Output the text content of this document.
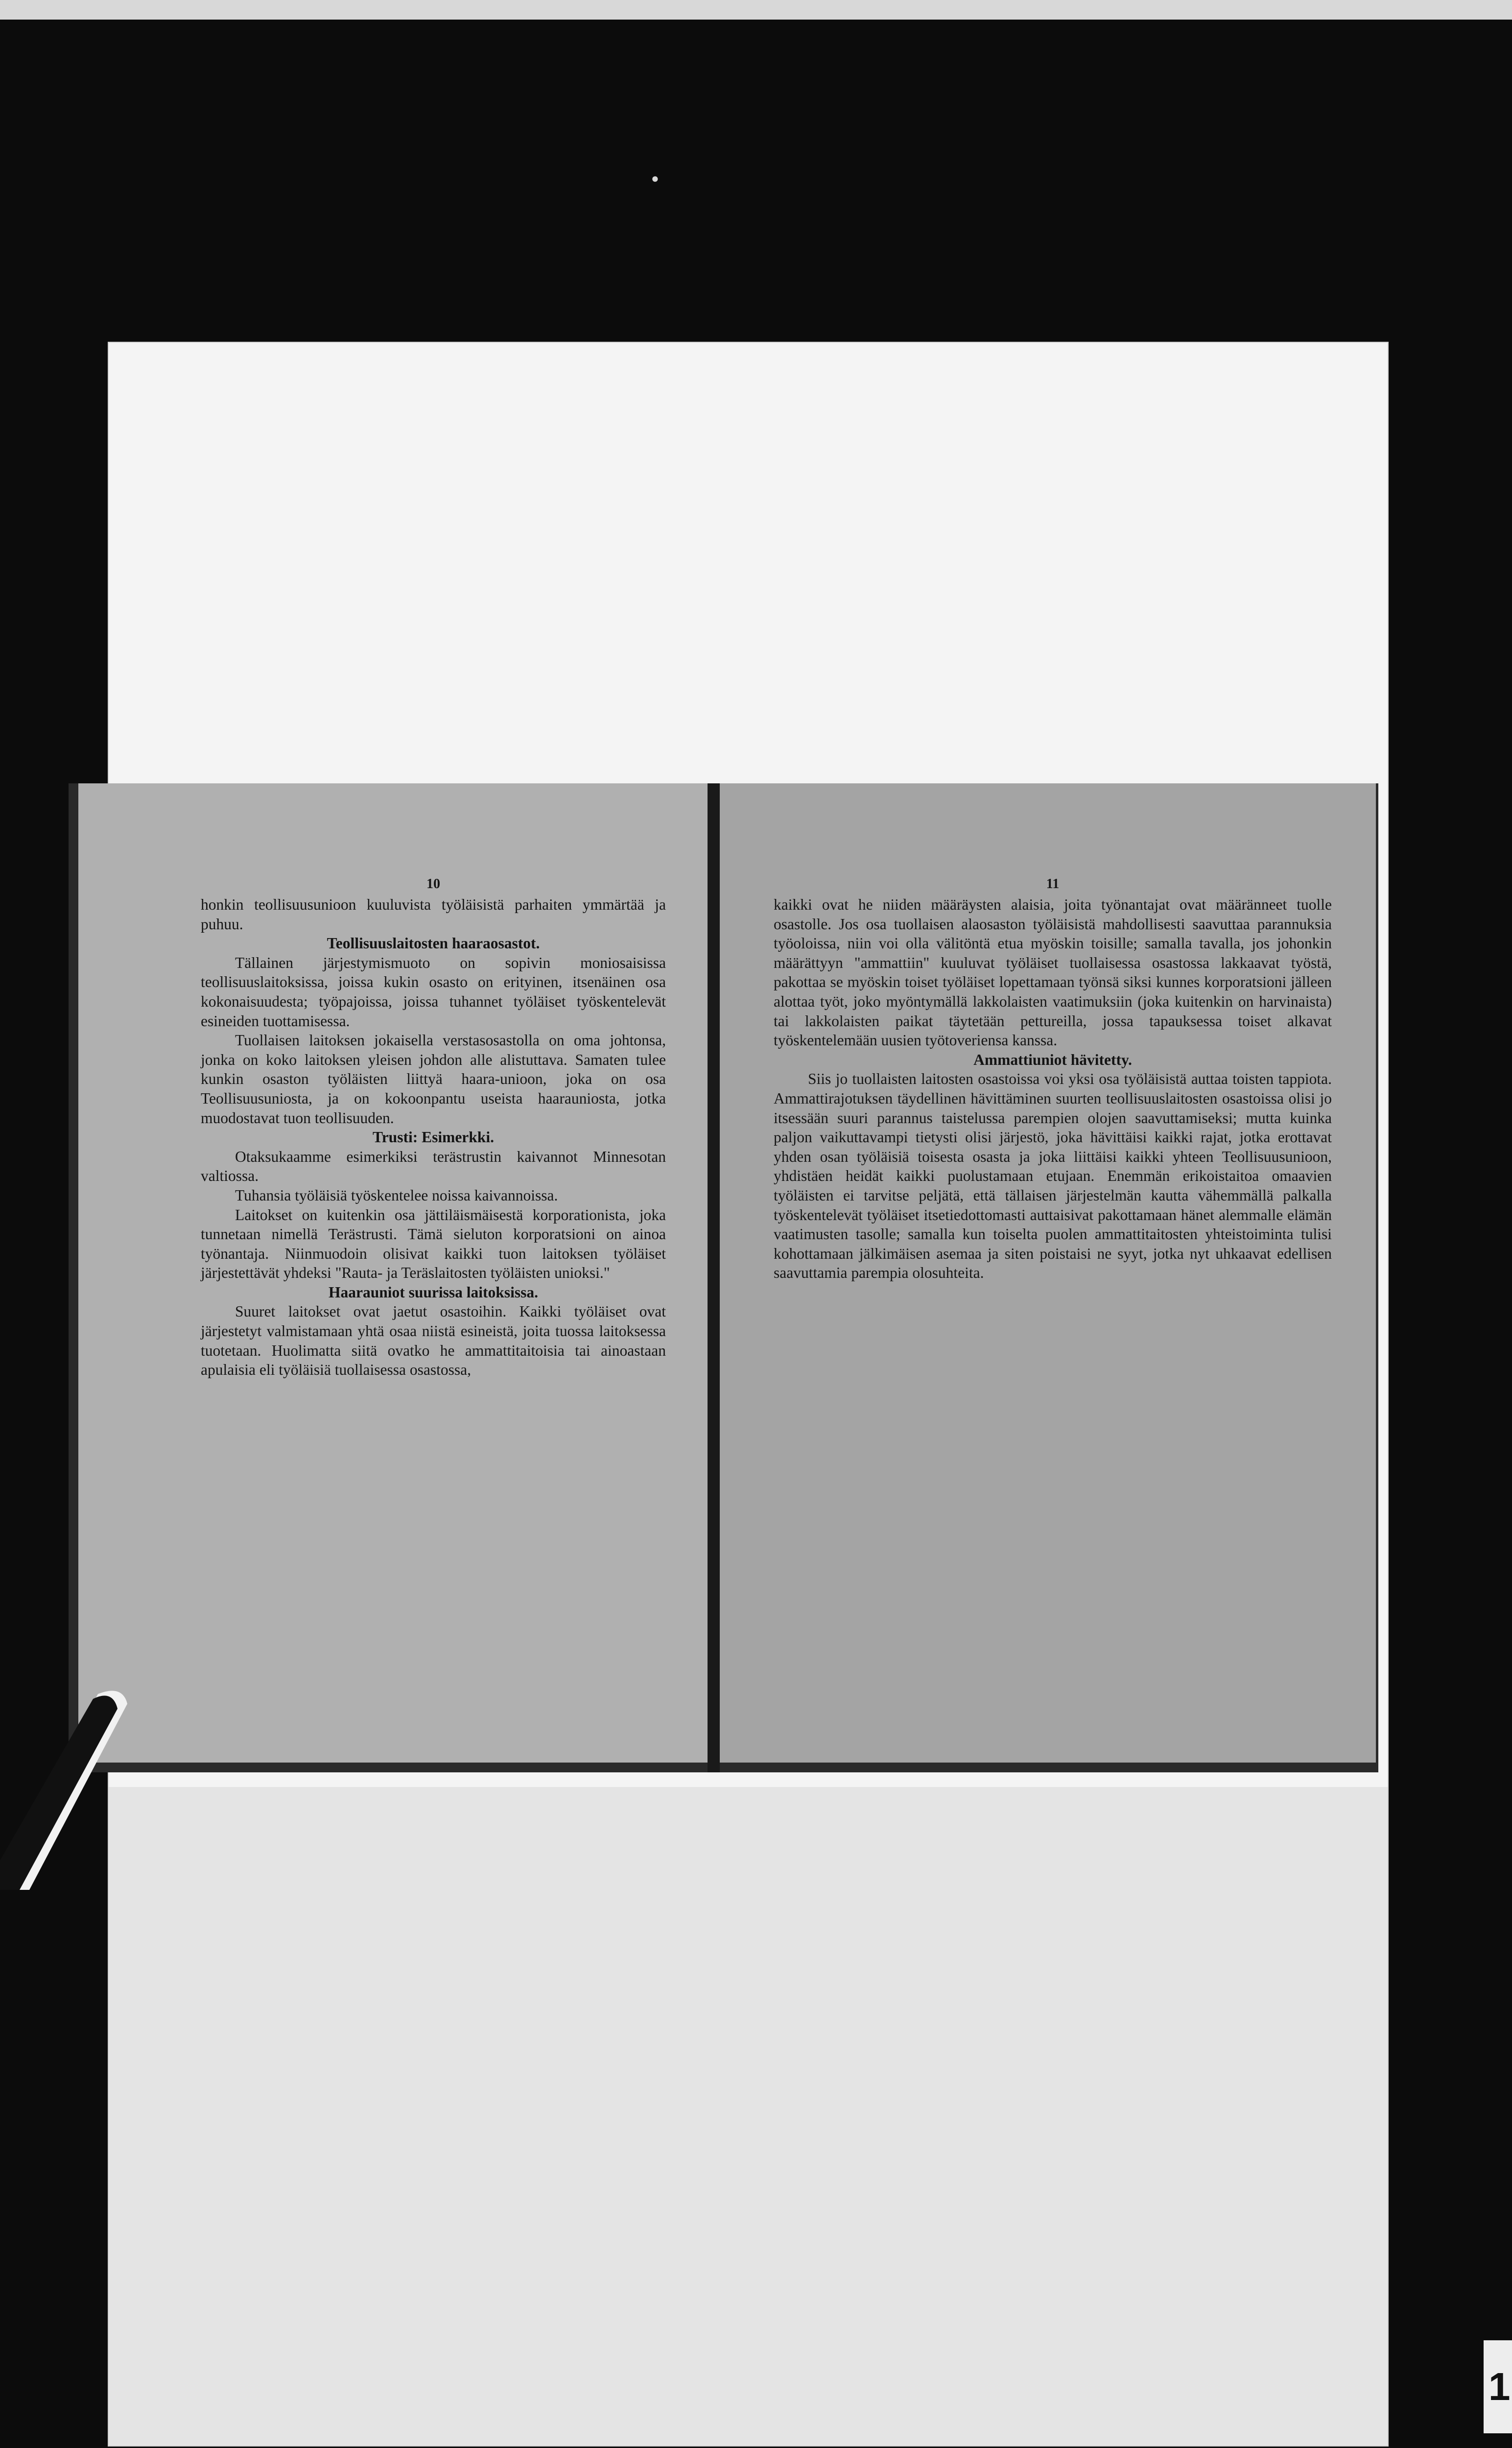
●
10

honkin teollisuusunioon kuuluvista työläisistä parhaiten ymmärtää ja puhuu.

Teollisuuslaitosten haaraosastot.

Tällainen järjestymismuoto on sopivin moniosaisissa teollisuuslaitoksissa, joissa kukin osasto on erityinen, itsenäinen osa kokonaisuudesta; työpajoissa, joissa tuhannet työläiset työskentelevät esineiden tuottamisessa.

Tuollaisen laitoksen jokaisella verstasosastolla on oma johtonsa, jonka on koko laitoksen yleisen johdon alle alistuttava. Samaten tulee kunkin osaston työläisten liittyä haara-unioon, joka on osa Teollisuusuniosta, ja on kokoonpantu useista haarauniosta, jotka muodostavat tuon teollisuuden.

Trusti: Esimerkki.

Otaksukaamme esimerkiksi terästrustin kaivannot Minnesotan valtiossa.

Tuhansia työläisiä työskentelee noissa kaivannoissa.

Laitokset on kuitenkin osa jättiläismäisestä korporationista, joka tunnetaan nimellä Terästrusti. Tämä sieluton korporatsioni on ainoa työnantaja. Niinmuodoin olisivat kaikki tuon laitoksen työläiset järjestettävät yhdeksi "Rauta- ja Teräslaitosten työläisten unioksi."

Haarauniot suurissa laitoksissa.

Suuret laitokset ovat jaetut osastoihin. Kaikki työläiset ovat järjestetyt valmistamaan yhtä osaa niistä esineistä, joita tuossa laitoksessa tuotetaan. Huolimatta siitä ovatko he ammattitaitoisia tai ainoastaan apulaisia eli työläisiä tuollaisessa osastossa,

11

kaikki ovat he niiden määräysten alaisia, joita työnantajat ovat määränneet tuolle osastolle. Jos osa tuollaisen alaosaston työläisistä mahdollisesti saavuttaa parannuksia työoloissa, niin voi olla välitöntä etua myöskin toisille; samalla tavalla, jos johonkin määrättyyn "ammattiin" kuuluvat työläiset tuollaisessa osastossa lakkaavat työstä, pakottaa se myöskin toiset työläiset lopettamaan työnsä siksi kunnes korporatsioni jälleen alottaa työt, joko myöntymällä lakkolaisten vaatimuksiin (joka kuitenkin on harvinaista) tai lakkolaisten paikat täytetään pettureilla, jossa tapauksessa toiset alkavat työskentelemään uusien työtoveriensa kanssa.

Ammattiuniot hävitetty.

Siis jo tuollaisten laitosten osastoissa voi yksi osa työläisistä auttaa toisten tappiota. Ammattirajotuksen täydellinen hävittäminen suurten teollisuuslaitosten osastoissa olisi jo itsessään suuri parannus taistelussa parempien olojen saavuttamiseksi; mutta kuinka paljon vaikuttavampi tietysti olisi järjestö, joka hävittäisi kaikki rajat, jotka erottavat yhden osan työläisiä toisesta osasta ja joka liittäisi kaikki yhteen Teollisuusunioon, yhdistäen heidät kaikki puolustamaan etujaan. Enemmän erikoistaitoa omaavien työläisten ei tarvitse peljätä, että tällaisen järjestelmän kautta vähemmällä palkalla työskentelevät työläiset itsetiedottomasti auttaisivat pakottamaan hänet alemmalle elämän vaatimusten tasolle; samalla kun toiselta puolen ammattitaitosten yhteistoiminta tulisi kohottamaan jälkimäisen asemaa ja siten poistaisi ne syyt, jotka nyt uhkaavat edellisen saavuttamia parempia olosuhteita.

1
